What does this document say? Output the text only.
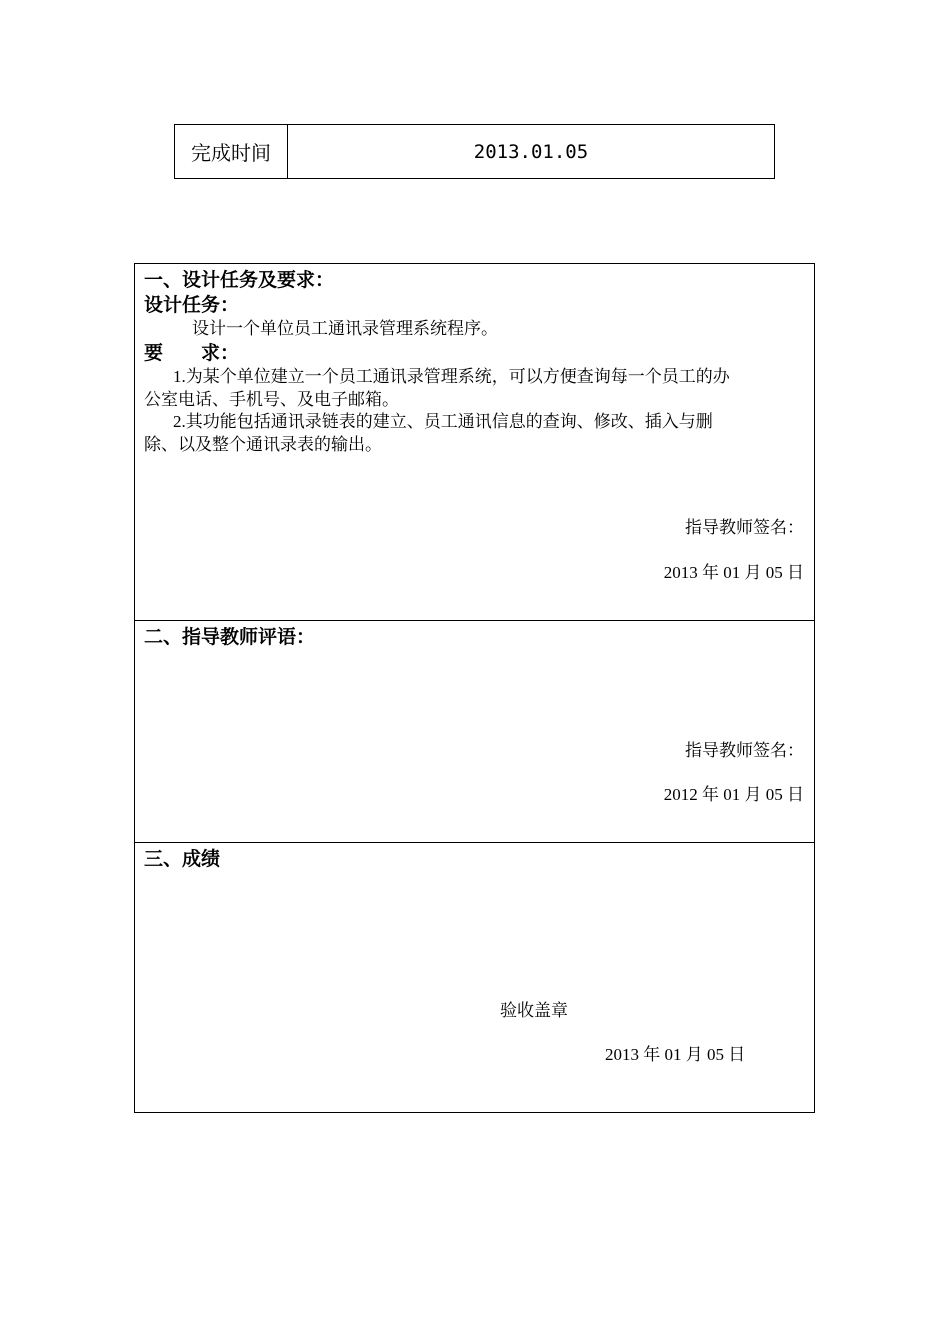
完成时间	2013.01.05
一、设计任务及要求：
设计任务：
设计一个单位员工通讯录管理系统程序。
要　　求：
1.为某个单位建立一个员工通讯录管理系统，可以方便查询每一个员工的办
公室电话、手机号、及电子邮箱。
2.其功能包括通讯录链表的建立、员工通讯信息的查询、修改、插入与删
除、以及整个通讯录表的输出。
指导教师签名：
2013 年 01 月 05 日
二、指导教师评语：
指导教师签名：
2012 年 01 月 05 日
三、成绩
验收盖章
2013 年 01 月 05 日
